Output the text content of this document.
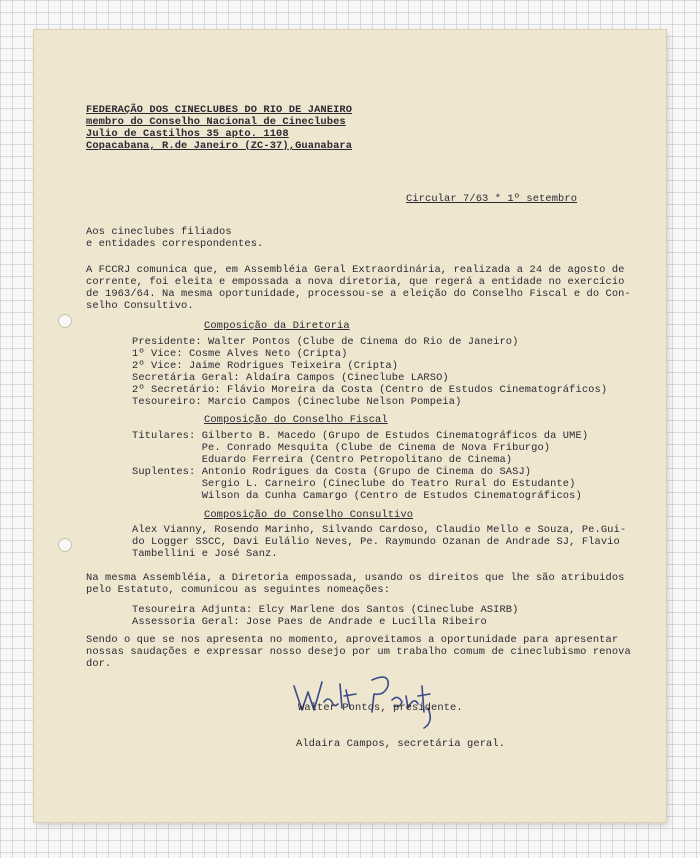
FEDERAÇÃO DOS CINECLUBES DO RIO DE JANEIRO
membro do Conselho Nacional de Cineclubes
Julio de Castilhos 35 apto. 1108
Copacabana, R.de Janeiro (ZC-37),Guanabara
Circular 7/63 * 1º setembro
Aos cineclubes filiados
e entidades correspondentes.
A FCCRJ comunica que, em Assembléia Geral Extraordinária, realizada a 24 de agosto de
corrente, foi eleita e empossada a nova diretoria, que regerá a entidade no exercício
de 1963/64. Na mesma oportunidade, processou-se a eleição do Conselho Fiscal e do Con-
selho Consultivo.
Composição da Diretoria
Presidente: Walter Pontos (Clube de Cinema do Rio de Janeiro)
1º Vice: Cosme Alves Neto (Cripta)
2º Vice: Jaime Rodrigues Teixeira (Cripta)
Secretária Geral: Aldaíra Campos (Cineclube LARSO)
2º Secretário: Flávio Moreira da Costa (Centro de Estudos Cinematográficos)
Tesoureiro: Marcio Campos (Cineclube Nelson Pompeia)
Composição do Conselho Fiscal
Titulares: Gilberto B. Macedo (Grupo de Estudos Cinematográficos da UME)
Pe. Conrado Mesquita (Clube de Cinema de Nova Friburgo)
Eduardo Ferreira (Centro Petropolitano de Cinema)
Suplentes: Antonio Rodrigues da Costa (Grupo de Cinema do SASJ)
Sergio L. Carneiro (Cineclube do Teatro Rural do Estudante)
Wilson da Cunha Camargo (Centro de Estudos Cinematográficos)
Composição do Conselho Consultivo
Alex Vianny, Rosendo Marinho, Silvando Cardoso, Claudio Mello e Souza, Pe.Gui-
do Logger SSCC, Davi Eulálio Neves, Pe. Raymundo Ozanan de Andrade SJ, Flavio
Tambellini e José Sanz.
Na mesma Assembléia, a Diretoria empossada, usando os direitos que lhe são atribuidos
pelo Estatuto, comunicou as seguintes nomeações:
Tesoureira Adjunta: Elcy Marlene dos Santos (Cineclube ASIRB)
Assessoria Geral: Jose Paes de Andrade e Lucilla Ribeiro
Sendo o que se nos apresenta no momento, aproveitamos a oportunidade para apresentar
nossas saudações e expressar nosso desejo por um trabalho comum de cineclubismo renova
dor.
Walter Pontos, presidente.
Aldaira Campos, secretária geral.
